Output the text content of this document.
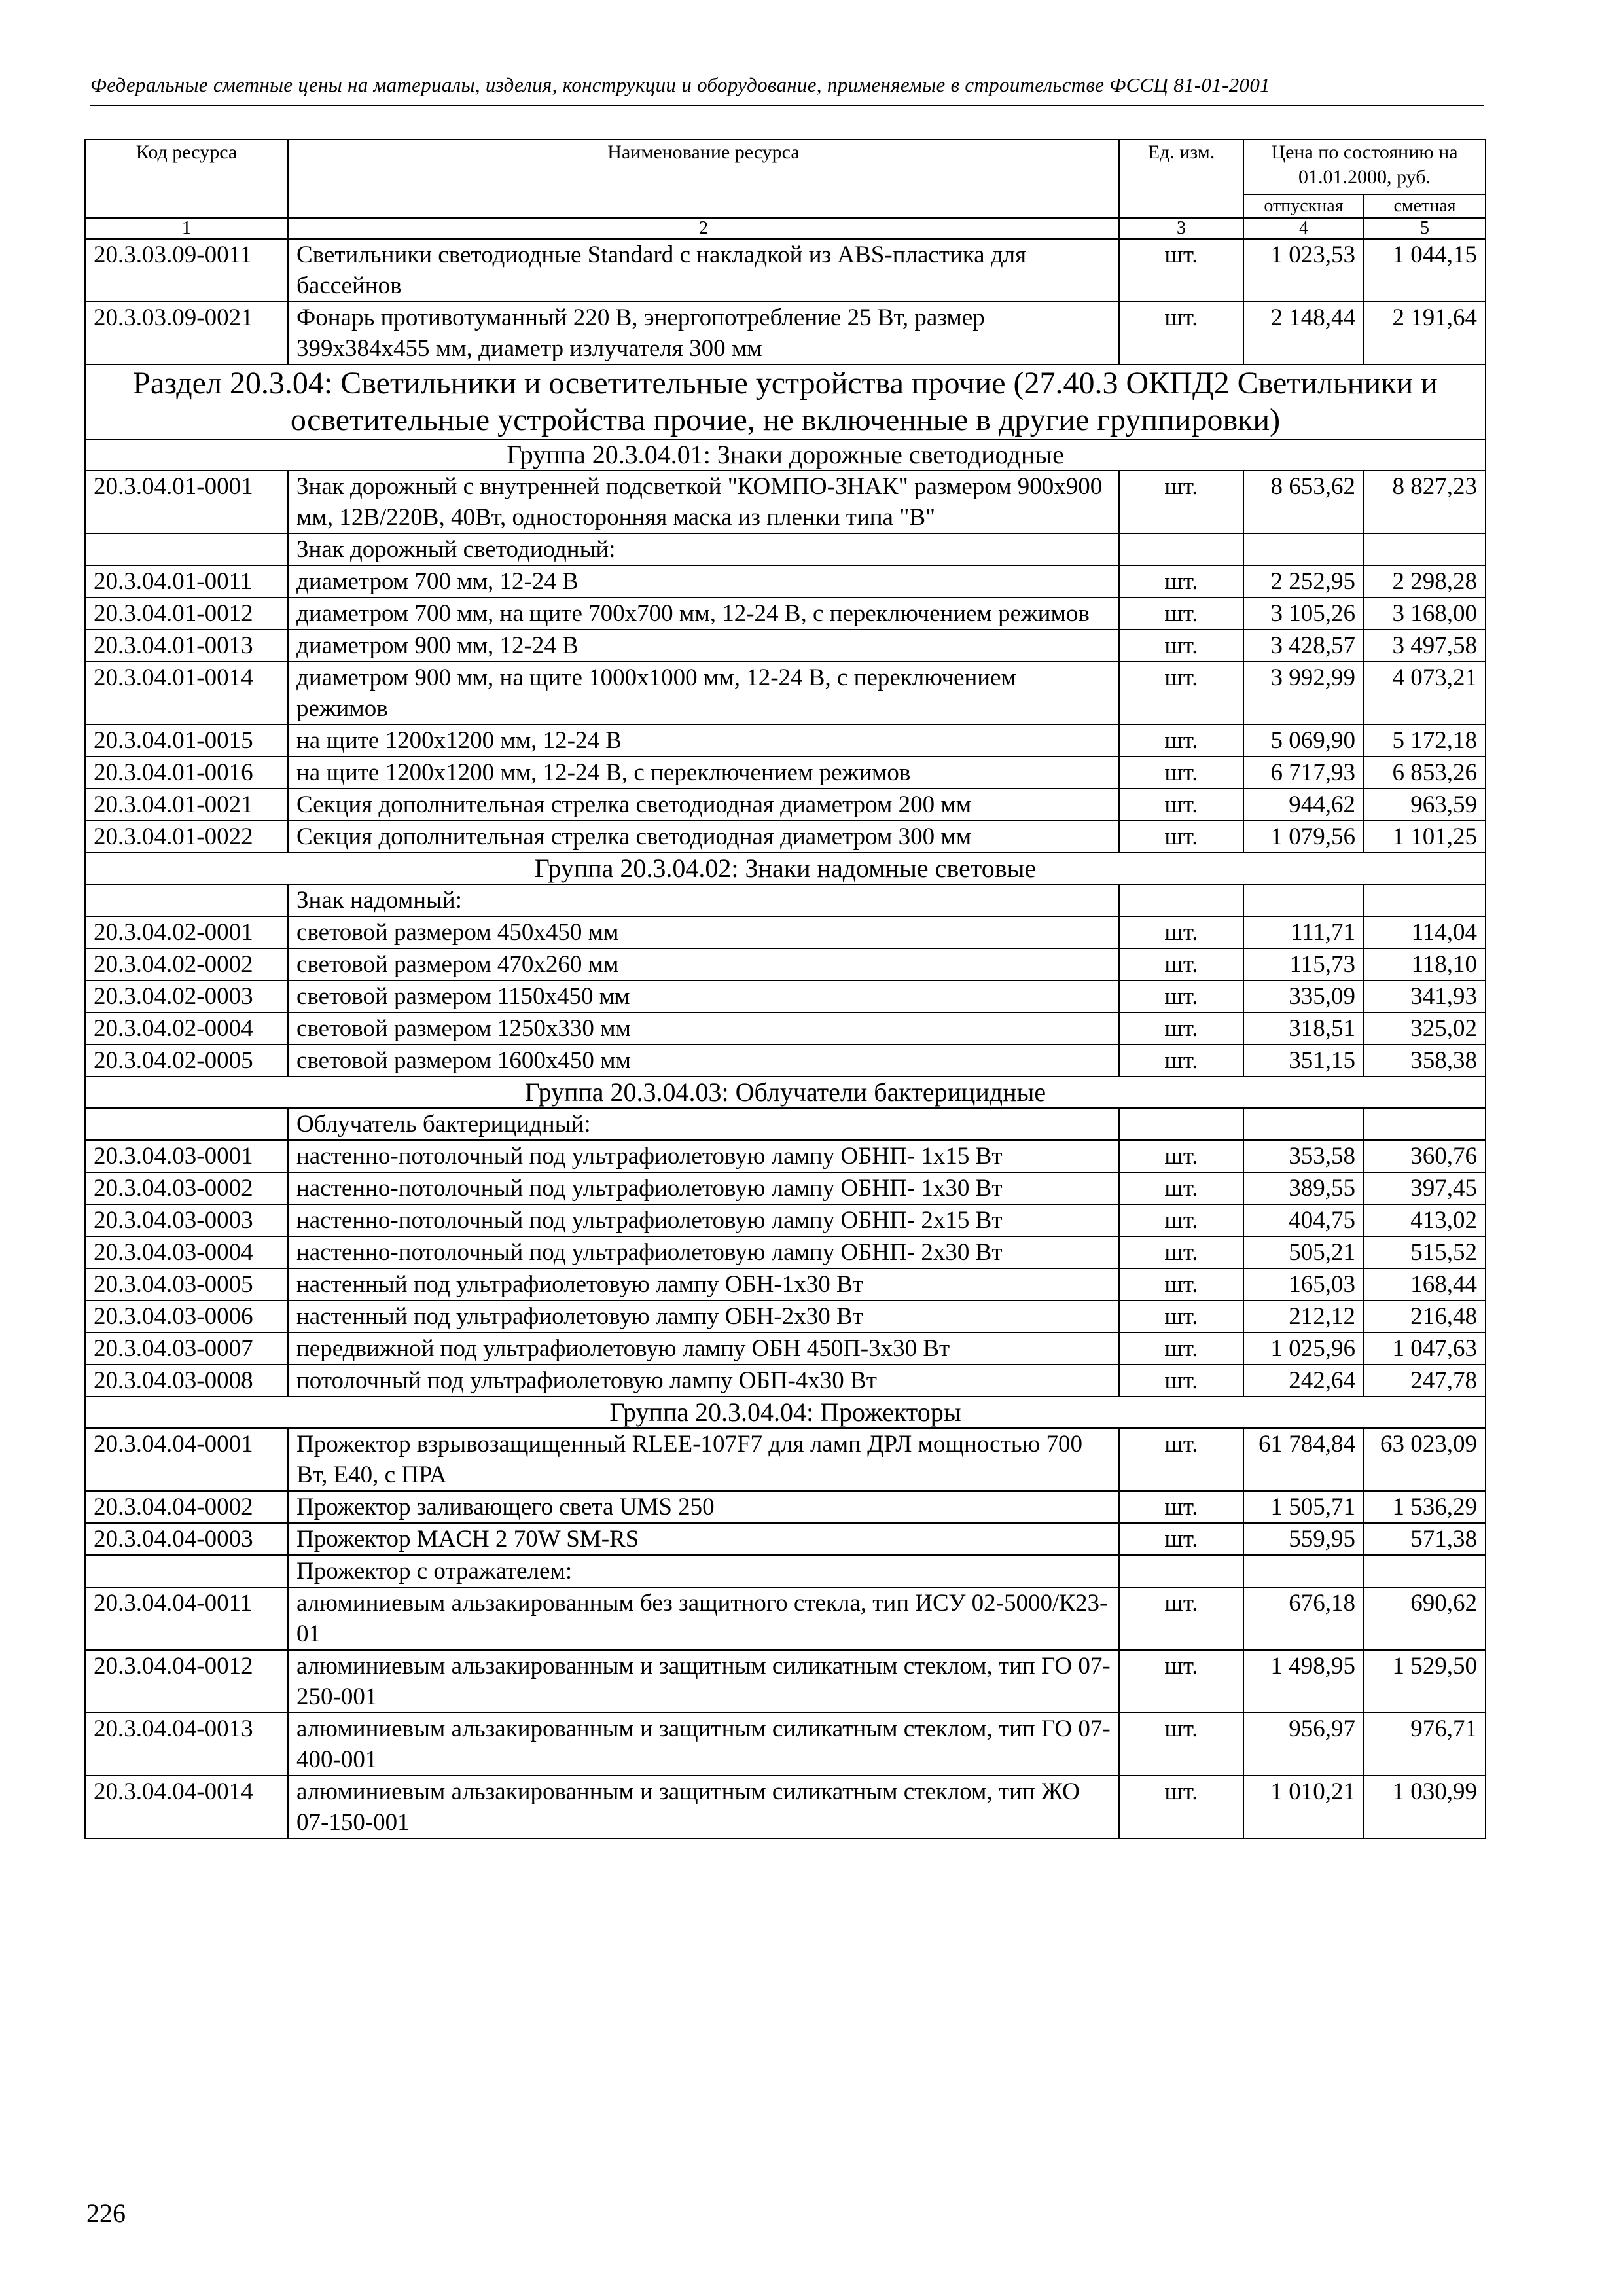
Федеральные сметные цены на материалы, изделия, конструкции и оборудование, применяемые в строительстве ФССЦ 81-01-2001
Код ресурса	Наименование ресурса	Ед. изм.	Цена по состоянию на 01.01.2000, руб.	
			отпускная	сметная
1	2	3	4	5
20.3.03.09-0011	Светильники светодиодные Standard с накладкой из ABS-пластика для бассейнов	шт.	1 023,53	1 044,15
20.3.03.09-0021	Фонарь противотуманный 220 В, энергопотребление 25 Вт, размер 399х384х455 мм, диаметр излучателя 300 мм	шт.	2 148,44	2 191,64
Раздел 20.3.04: Светильники и осветительные устройства прочие (27.40.3 ОКПД2 Светильники и осветительные устройства прочие, не включенные в другие группировки)				
Группа 20.3.04.01: Знаки дорожные светодиодные				
20.3.04.01-0001	Знак дорожный с внутренней подсветкой "КОМПО-ЗНАК" размером 900х900 мм, 12В/220В, 40Вт, односторонняя маска из пленки типа "В"	шт.	8 653,62	8 827,23
	Знак дорожный светодиодный:			
20.3.04.01-0011	диаметром 700 мм, 12-24 В	шт.	2 252,95	2 298,28
20.3.04.01-0012	диаметром 700 мм, на щите 700х700 мм, 12-24 В, с переключением режимов	шт.	3 105,26	3 168,00
20.3.04.01-0013	диаметром 900 мм, 12-24 В	шт.	3 428,57	3 497,58
20.3.04.01-0014	диаметром 900 мм, на щите 1000х1000 мм, 12-24 В, с переключением режимов	шт.	3 992,99	4 073,21
20.3.04.01-0015	на щите 1200х1200 мм, 12-24 В	шт.	5 069,90	5 172,18
20.3.04.01-0016	на щите 1200х1200 мм, 12-24 В, с переключением режимов	шт.	6 717,93	6 853,26
20.3.04.01-0021	Секция дополнительная стрелка светодиодная диаметром 200 мм	шт.	944,62	963,59
20.3.04.01-0022	Секция дополнительная стрелка светодиодная диаметром 300 мм	шт.	1 079,56	1 101,25
Группа 20.3.04.02: Знаки надомные световые				
	Знак надомный:			
20.3.04.02-0001	световой размером 450х450 мм	шт.	111,71	114,04
20.3.04.02-0002	световой размером 470х260 мм	шт.	115,73	118,10
20.3.04.02-0003	световой размером 1150х450 мм	шт.	335,09	341,93
20.3.04.02-0004	световой размером 1250х330 мм	шт.	318,51	325,02
20.3.04.02-0005	световой размером 1600х450 мм	шт.	351,15	358,38
Группа 20.3.04.03: Облучатели бактерицидные				
	Облучатель бактерицидный:			
20.3.04.03-0001	настенно-потолочный под ультрафиолетовую лампу ОБНП- 1х15 Вт	шт.	353,58	360,76
20.3.04.03-0002	настенно-потолочный под ультрафиолетовую лампу ОБНП- 1х30 Вт	шт.	389,55	397,45
20.3.04.03-0003	настенно-потолочный под ультрафиолетовую лампу ОБНП- 2х15 Вт	шт.	404,75	413,02
20.3.04.03-0004	настенно-потолочный под ультрафиолетовую лампу ОБНП- 2х30 Вт	шт.	505,21	515,52
20.3.04.03-0005	настенный под ультрафиолетовую лампу ОБН-1х30 Вт	шт.	165,03	168,44
20.3.04.03-0006	настенный под ультрафиолетовую лампу ОБН-2х30 Вт	шт.	212,12	216,48
20.3.04.03-0007	передвижной под ультрафиолетовую лампу ОБН 450П-3х30 Вт	шт.	1 025,96	1 047,63
20.3.04.03-0008	потолочный под ультрафиолетовую лампу ОБП-4х30 Вт	шт.	242,64	247,78
Группа 20.3.04.04: Прожекторы				
20.3.04.04-0001	Прожектор взрывозащищенный RLEE-107F7 для ламп ДРЛ мощностью 700 Вт, Е40, с ПРА	шт.	61 784,84	63 023,09
20.3.04.04-0002	Прожектор заливающего света UMS 250	шт.	1 505,71	1 536,29
20.3.04.04-0003	Прожектор MACH 2 70W SM-RS	шт.	559,95	571,38
	Прожектор с отражателем:			
20.3.04.04-0011	алюминиевым альзакированным без защитного стекла, тип ИСУ 02-5000/К23-01	шт.	676,18	690,62
20.3.04.04-0012	алюминиевым альзакированным и защитным силикатным стеклом, тип ГО 07-250-001	шт.	1 498,95	1 529,50
20.3.04.04-0013	алюминиевым альзакированным и защитным силикатным стеклом, тип ГО 07-400-001	шт.	956,97	976,71
20.3.04.04-0014	алюминиевым альзакированным и защитным силикатным стеклом, тип ЖО 07-150-001	шт.	1 010,21	1 030,99
226
